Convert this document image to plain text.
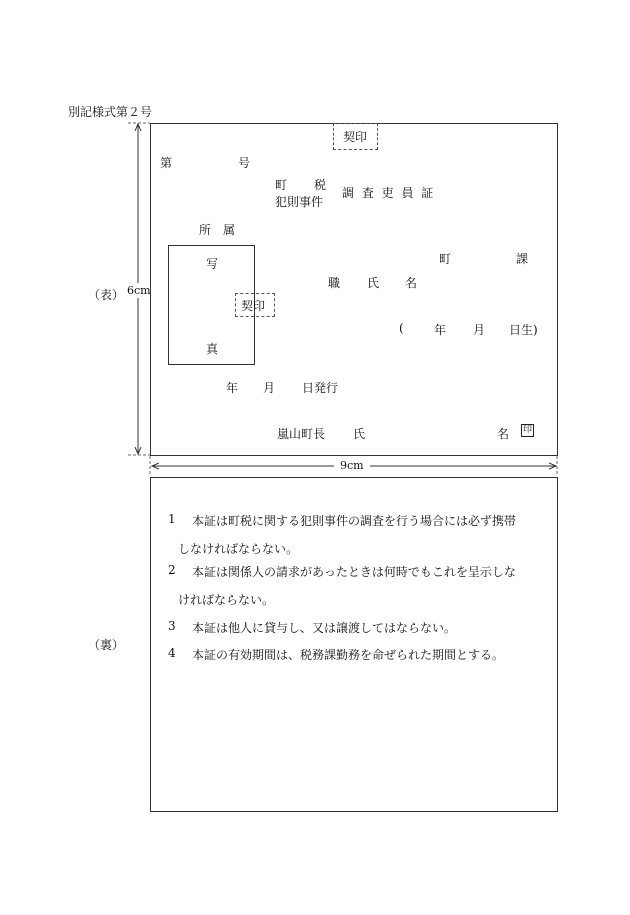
別記様式第２号
6cm
9cm
（表）
（裏）
契印
第	号
町 税
犯則事件
調 査 吏 員 証
所　属
写
真
契印
町	課
職 氏 名
(	年 月 日生)
年 月 日発行
嵐山町長 氏	名 印
1 本証は町税に関する犯則事件の調査を行う場合には必ず携帯
しなければならない。
2 本証は関係人の請求があったときは何時でもこれを呈示しな
ければならない。
3 本証は他人に貸与し、又は譲渡してはならない。
4 本証の有効期間は、税務課勤務を命ぜられた期間とする。
